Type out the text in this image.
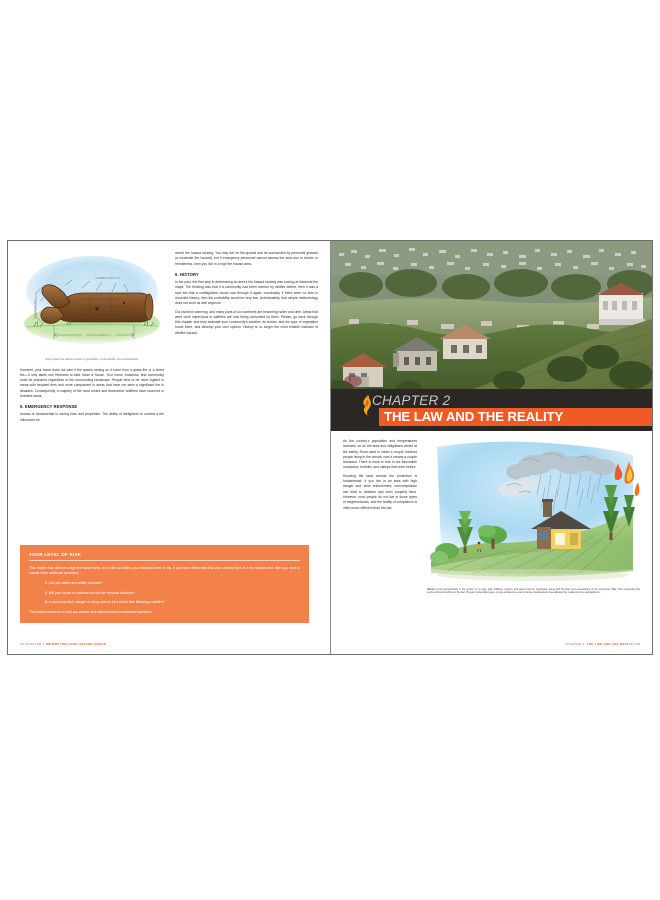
IGNITABILITY
COMBUSTIBILITY
SUSTAINABILITY
Every plant has different levels of ignitability, combustibility, and sustainability.

However, your home does not care if the sparks raining on it come from a grass fire or a forest fire—it only takes one firebrand to take down a house. Your home, business, and community must be prepared regardless of the surrounding landscape. People tend to be more vigilant in areas with frequent fires and more complacent in areas that have not seen a significant fire in decades. Consequently, a majority of the most recent and destructive wildfires have occurred in forested areas.

5. EMERGENCY RESPONSE

Access is fundamental to saving lives and properties. The ability of firefighters to combat a fire influences an

area's fire hazard ranking. You may live on flat ground and be surrounded by perennial grasses (a moderate fire hazard), but if emergency personnel cannot access the area due to terrain or remoteness, then you live in a high fire hazard area.

6. HISTORY

In the past, the first step in determining an area's fire hazard ranking was looking at historical fire maps. The thinking was that if a community had been overrun by wildfire before, then it was a sure bet that a conflagration would roar through it again; conversely, if there were no fires in recorded history, then the probability would be very low. Unfortunately, that simple methodology does not work as well anymore.

Our planet is warming, and many parts of our continent are becoming hotter and drier. Areas that were once impervious to wildfires are now being consumed by them. Please, go back through this chapter and truly evaluate your community's weather, its terrain, and the type of vegetation found there, and develop your own opinion. History is no longer the most reliable indicator of wildfire hazard.

YOUR LEVEL OF RISK
This chapter has defined a high fire hazard area, but it did not define your individual level of risk. If you have determined that your community is in a fire hazard area, then you need to answer three additional questions:
1. Can you safely and swiftly evacuate?
2. Will your house or business survive the eventual firestorm?
3. Is your property in danger of being overrun by a debris flow following a wildfire?
This book's mission is to help you answer and address these fundamental questions.
14 CHAPTER 1 IDENTIFYING FIRE HAZARD AREAS
CHAPTER 2
THE LAW AND THE REALITY

As the country's population and temperatures increase, so do the laws and obligations aimed at fire safety. Rural used to mean a couple hundred people living in the woods; now it means a couple thousand. There is more to lose in our flammable mountains, foothills, and valleys than ever before.

Knowing the laws around fire protection is fundamental. If you live in an area with high danger and strict enforcement, noncompliance can lead to citations and even property liens. However, most people do not live in those types of neighborhoods, and the reality of compliance is often much different than the law.

Above: Living harmoniously in fire country is no easy task; wildfires, erosion, and pests must be negotiated, along with the laws and expectations of the community. Top: This community has survived three brushfires in the last 15 years. Defensible space, strong architecture, and consistent maintenance have allowed the residents to live alongside fire.
CHAPTER 2: THE LAW AND THE REALITY 15
